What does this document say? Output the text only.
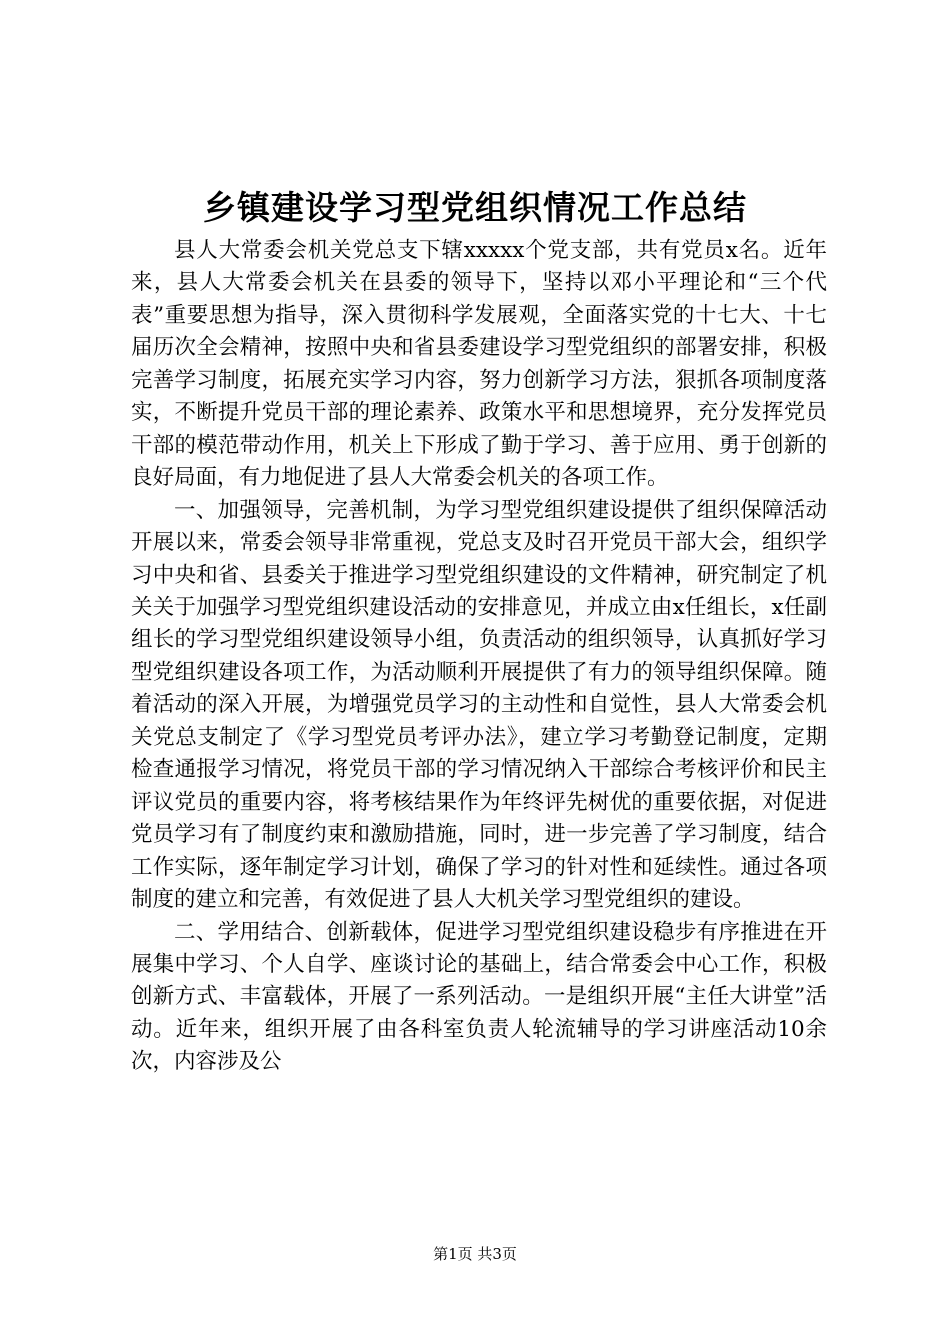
乡镇建设学习型党组织情况工作总结

县人大常委会机关党总支下辖xxxxx个党支部，共有党员x名。近年来，县人大常委会机关在县委的领导下，坚持以邓小平理论和“三个代表”重要思想为指导，深入贯彻科学发展观，全面落实党的十七大、十七届历次全会精神，按照中央和省县委建设学习型党组织的部署安排，积极完善学习制度，拓展充实学习内容，努力创新学习方法，狠抓各项制度落实，不断提升党员干部的理论素养、政策水平和思想境界，充分发挥党员干部的模范带动作用，机关上下形成了勤于学习、善于应用、勇于创新的良好局面，有力地促进了县人大常委会机关的各项工作。

一、加强领导，完善机制，为学习型党组织建设提供了组织保障活动开展以来，常委会领导非常重视，党总支及时召开党员干部大会，组织学习中央和省、县委关于推进学习型党组织建设的文件精神，研究制定了机关关于加强学习型党组织建设活动的安排意见，并成立由x任组长，x任副组长的学习型党组织建设领导小组，负责活动的组织领导，认真抓好学习型党组织建设各项工作，为活动顺利开展提供了有力的领导组织保障。随着活动的深入开展，为增强党员学习的主动性和自觉性，县人大常委会机关党总支制定了《学习型党员考评办法》，建立学习考勤登记制度，定期检查通报学习情况，将党员干部的学习情况纳入干部综合考核评价和民主评议党员的重要内容，将考核结果作为年终评先树优的重要依据，对促进党员学习有了制度约束和激励措施，同时，进一步完善了学习制度，结合工作实际，逐年制定学习计划，确保了学习的针对性和延续性。通过各项制度的建立和完善，有效促进了县人大机关学习型党组织的建设。

二、学用结合、创新载体，促进学习型党组织建设稳步有序推进在开展集中学习、个人自学、座谈讨论的基础上，结合常委会中心工作，积极创新方式、丰富载体，开展了一系列活动。一是组织开展“主任大讲堂”活动。近年来，组织开展了由各科室负责人轮流辅导的学习讲座活动10余次，内容涉及公

第1页 共3页
